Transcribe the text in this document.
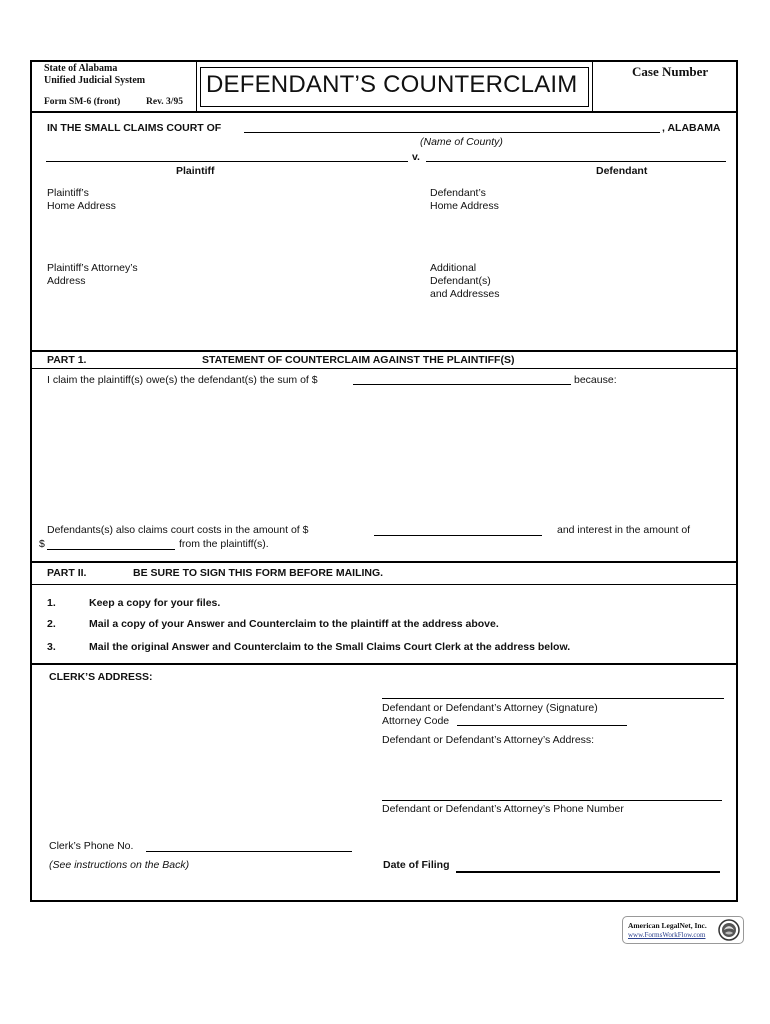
State of Alabama
Unified Judicial System
Form SM-6 (front)	Rev. 3/95
DEFENDANT’S COUNTERCLAIM	Case Number
IN THE SMALL CLAIMS COURT OF	, ALABAMA
(Name of County)
v.
Plaintiff	Defendant
Plaintiff’s
Home Address
Defendant’s
Home Address
Plaintiff’s Attorney’s
Address
Additional
Defendant(s)
and Addresses
PART 1.	STATEMENT OF COUNTERCLAIM AGAINST THE PLAINTIFF(S)
I claim the plaintiff(s) owe(s) the defendant(s) the sum of $	because:
Defendants(s) also claims court costs in the amount of $	and interest in the amount of
$	from the plaintiff(s).
PART II.	BE SURE TO SIGN THIS FORM BEFORE MAILING.
1.	Keep a copy for your files.
2.	Mail a copy of your Answer and Counterclaim to the plaintiff at the address above.
3.	Mail the original Answer and Counterclaim to the Small Claims Court Clerk at the address below.
CLERK’S ADDRESS:
Defendant or Defendant’s Attorney (Signature)
Attorney Code
Defendant or Defendant’s Attorney’s Address:
Defendant or Defendant’s Attorney’s Phone Number
Clerk’s Phone No.
(See instructions on the Back)	Date of Filing
American LegalNet, Inc.
www.FormsWorkFlow.com
